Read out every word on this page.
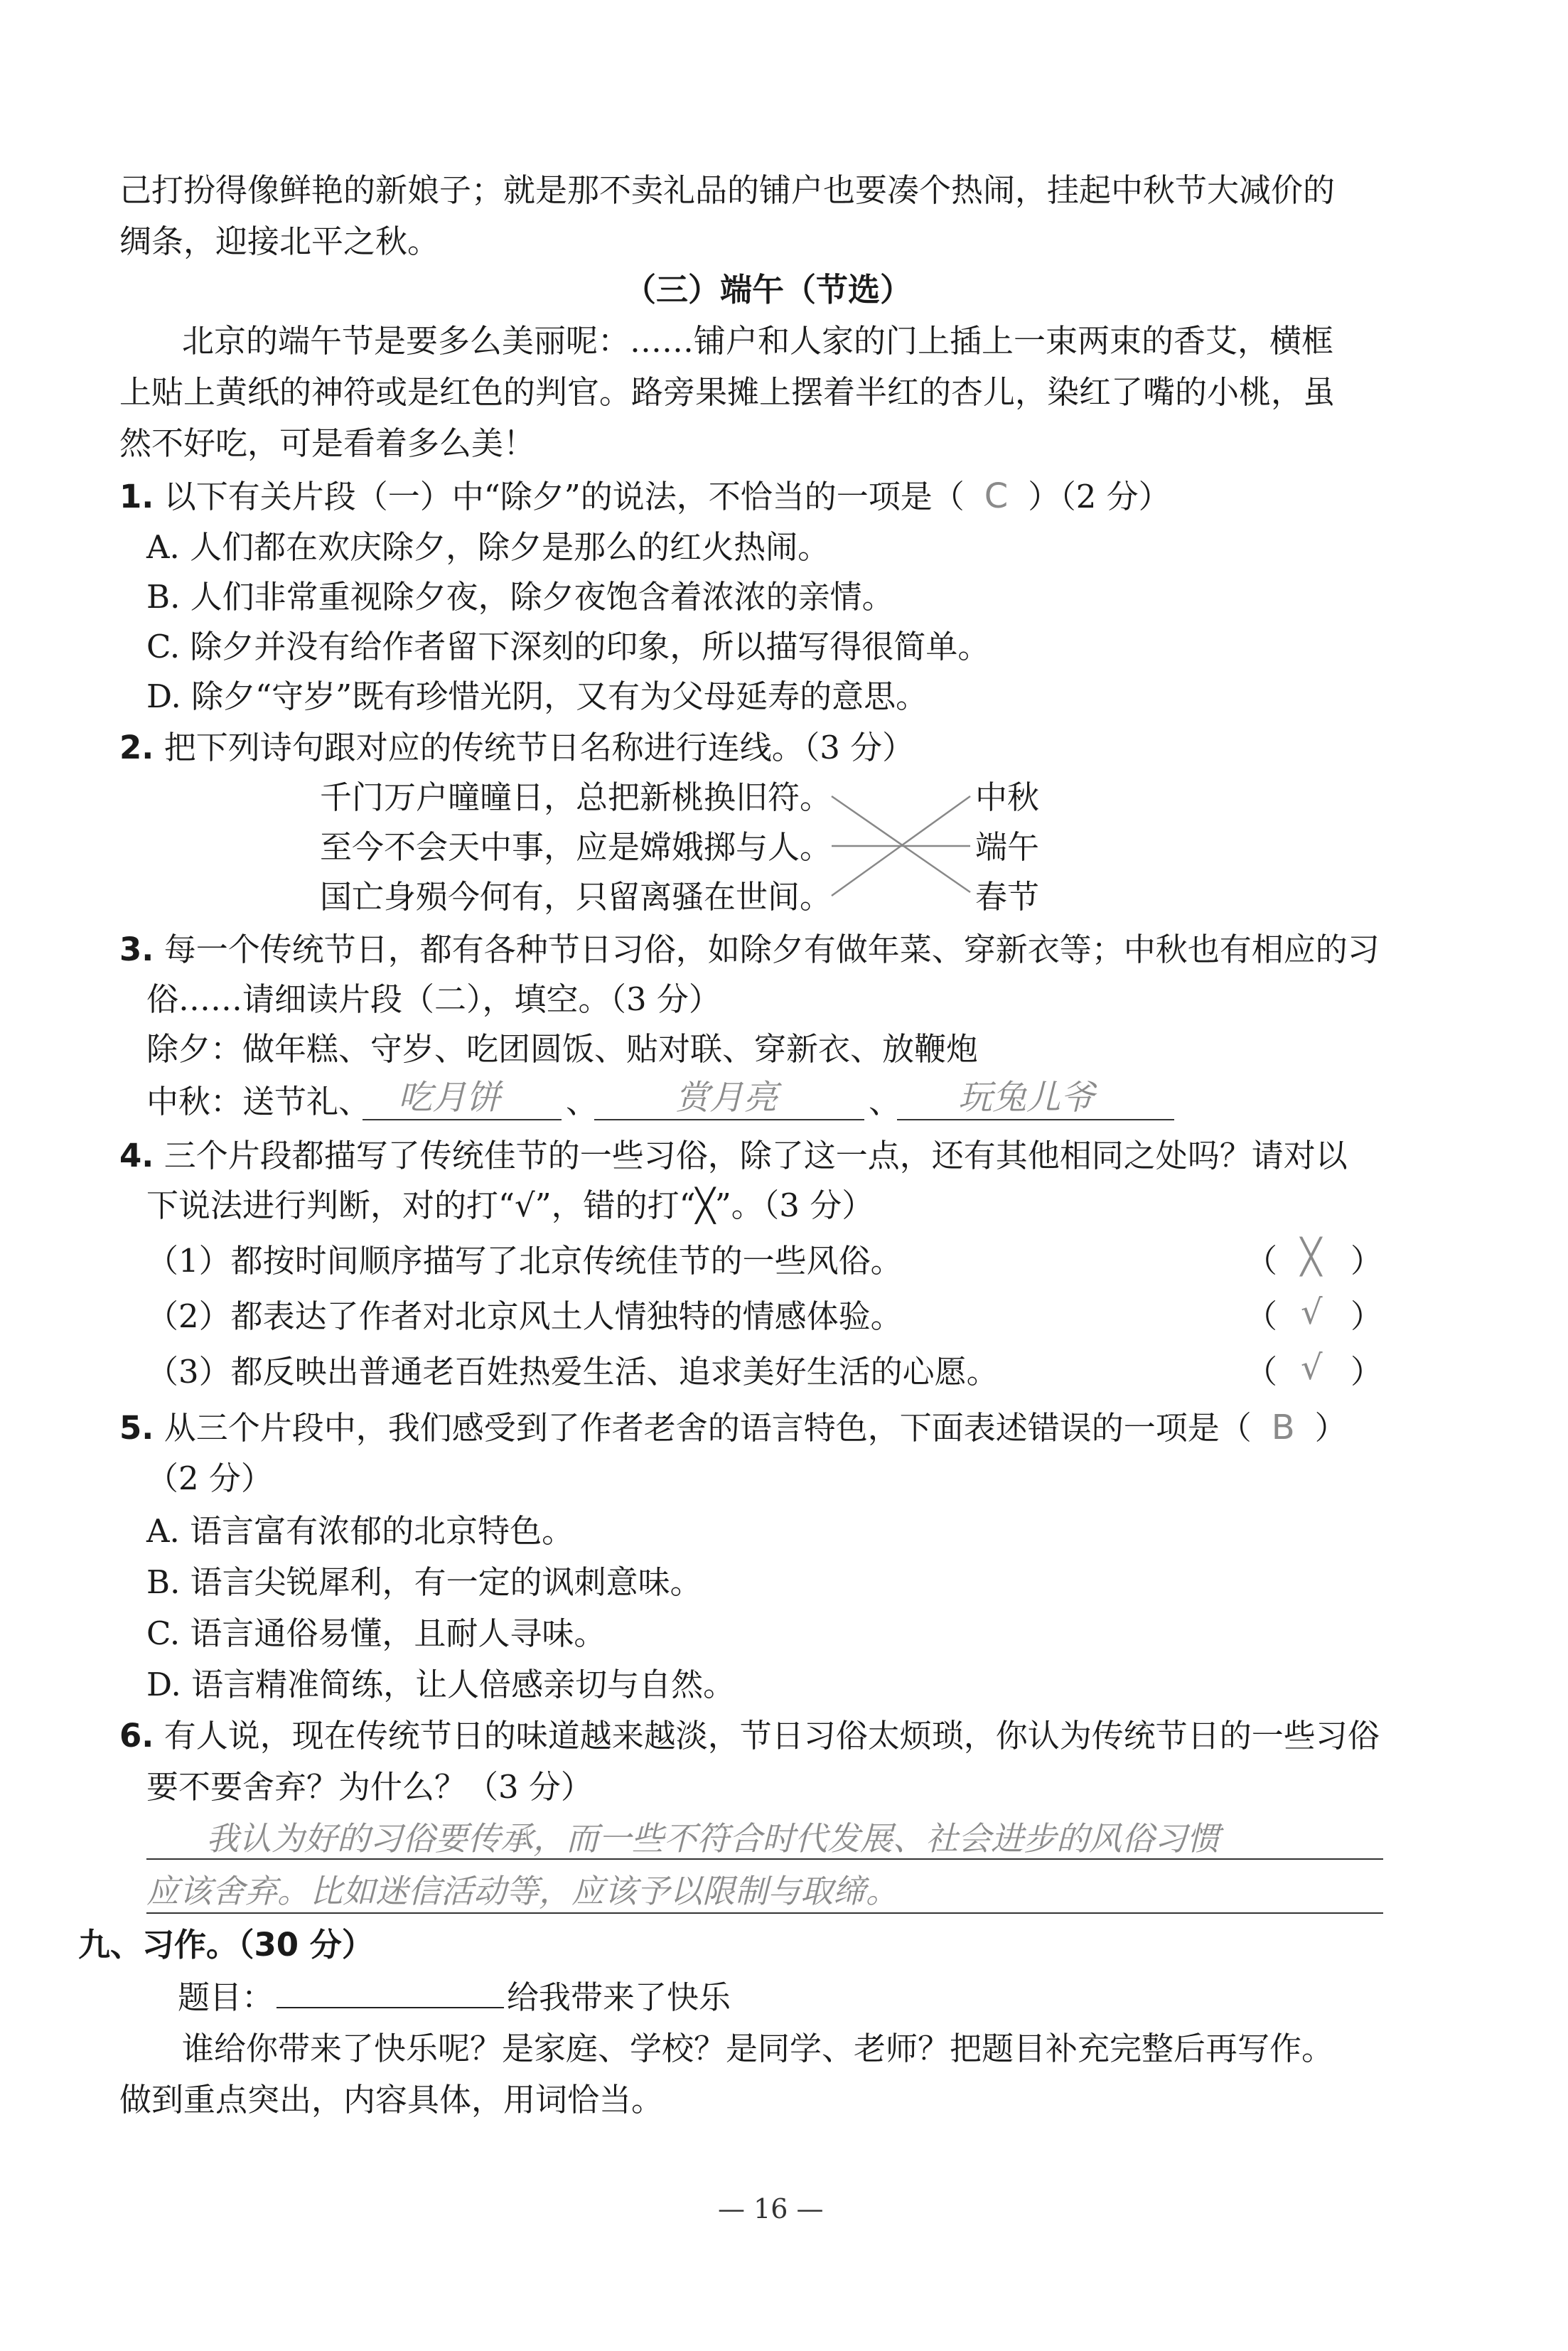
己打扮得像鲜艳的新娘子；就是那不卖礼品的铺户也要凑个热闹，挂起中秋节大减价的
绸条，迎接北平之秋。
（三）端午（节选）
北京的端午节是要多么美丽呢：……铺户和人家的门上插上一束两束的香艾，横框
上贴上黄纸的神符或是红色的判官。路旁果摊上摆着半红的杏儿，染红了嘴的小桃，虽
然不好吃，可是看着多么美！
1. 以下有关片段（一）中“除夕”的说法，不恰当的一项是（ C ）（2 分）
A. 人们都在欢庆除夕，除夕是那么的红火热闹。
B. 人们非常重视除夕夜，除夕夜饱含着浓浓的亲情。
C. 除夕并没有给作者留下深刻的印象，所以描写得很简单。
D. 除夕“守岁”既有珍惜光阴，又有为父母延寿的意思。
2. 把下列诗句跟对应的传统节日名称进行连线。（3 分）
千门万户曈曈日，总把新桃换旧符。
至今不会天中事，应是嫦娥掷与人。
国亡身殒今何有，只留离骚在世间。
中秋
端午
春节
3. 每一个传统节日，都有各种节日习俗，如除夕有做年菜、穿新衣等；中秋也有相应的习
俗……请细读片段（二），填空。（3 分）
除夕：做年糕、守岁、吃团圆饭、贴对联、穿新衣、放鞭炮
中秋：送节礼、 吃月饼 、 赏月亮	、 玩兔儿爷
4. 三个片段都描写了传统佳节的一些习俗，除了这一点，还有其他相同之处吗？请对以
下说法进行判断，对的打“√”，错的打“╳”。（3 分）
（1）都按时间顺序描写了北京传统佳节的一些风俗。	（ ╳ ）
（2）都表达了作者对北京风土人情独特的情感体验。	（ √ ）
（3）都反映出普通老百姓热爱生活、追求美好生活的心愿。	（ √ ）
5. 从三个片段中，我们感受到了作者老舍的语言特色，下面表述错误的一项是（ B ）
（2 分）
A. 语言富有浓郁的北京特色。
B. 语言尖锐犀利，有一定的讽刺意味。
C. 语言通俗易懂，且耐人寻味。
D. 语言精准简练，让人倍感亲切与自然。
6. 有人说，现在传统节日的味道越来越淡，节日习俗太烦琐，你认为传统节日的一些习俗
要不要舍弃？为什么？（3 分）
我认为好的习俗要传承，而一些不符合时代发展、社会进步的风俗习惯
应该舍弃。比如迷信活动等，应该予以限制与取缔。
九、习作。（30 分）
题目：	给我带来了快乐
谁给你带来了快乐呢？是家庭、学校？是同学、老师？把题目补充完整后再写作。
做到重点突出，内容具体，用词恰当。
— 16 —
